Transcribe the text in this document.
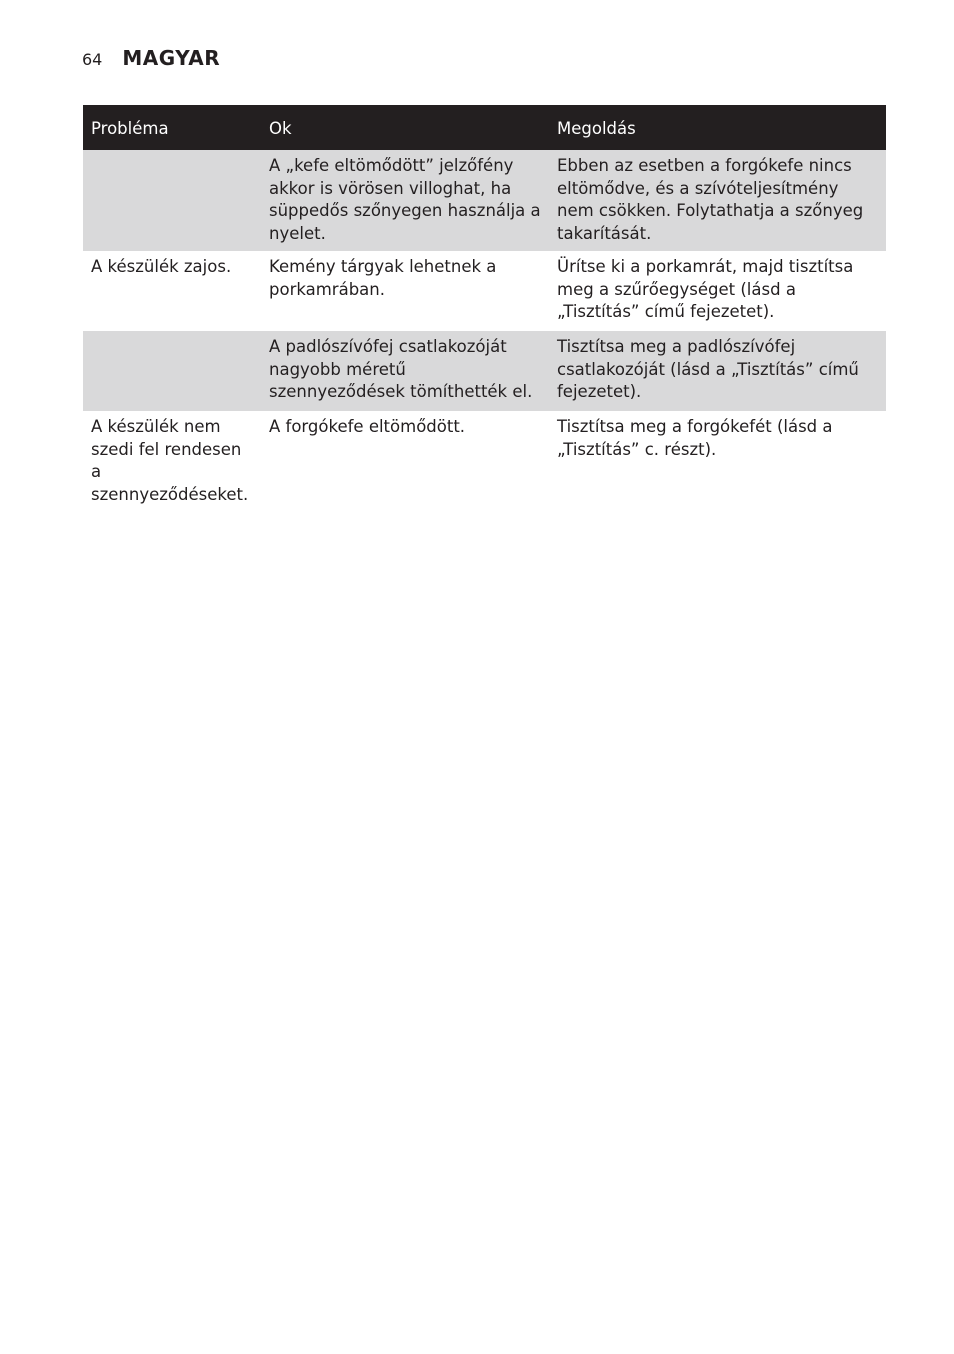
64 MAGYAR
Probléma	Ok	Megoldás

	A „kefe eltömődött” jelzőfény akkor is vörösen villoghat, ha süppedős szőnyegen használja a nyelet.	Ebben az esetben a forgókefe nincs eltömődve, és a szívóteljesítmény nem csökken. Folytathatja a szőnyeg takarítását.

A készülék zajos.	Kemény tárgyak lehetnek a porkamrában.	Ürítse ki a porkamrát, majd tisztítsa meg a szűrőegységet (lásd a „Tisztítás” című fejezetet).

	A padlószívófej csatlakozóját nagyobb méretű szennyeződések tömíthették el.	Tisztítsa meg a padlószívófej csatlakozóját (lásd a „Tisztítás” című fejezetet).

A készülék nem szedi fel rendesen a szennyeződéseket.	A forgókefe eltömődött.	Tisztítsa meg a forgókefét (lásd a „Tisztítás” c. részt).
